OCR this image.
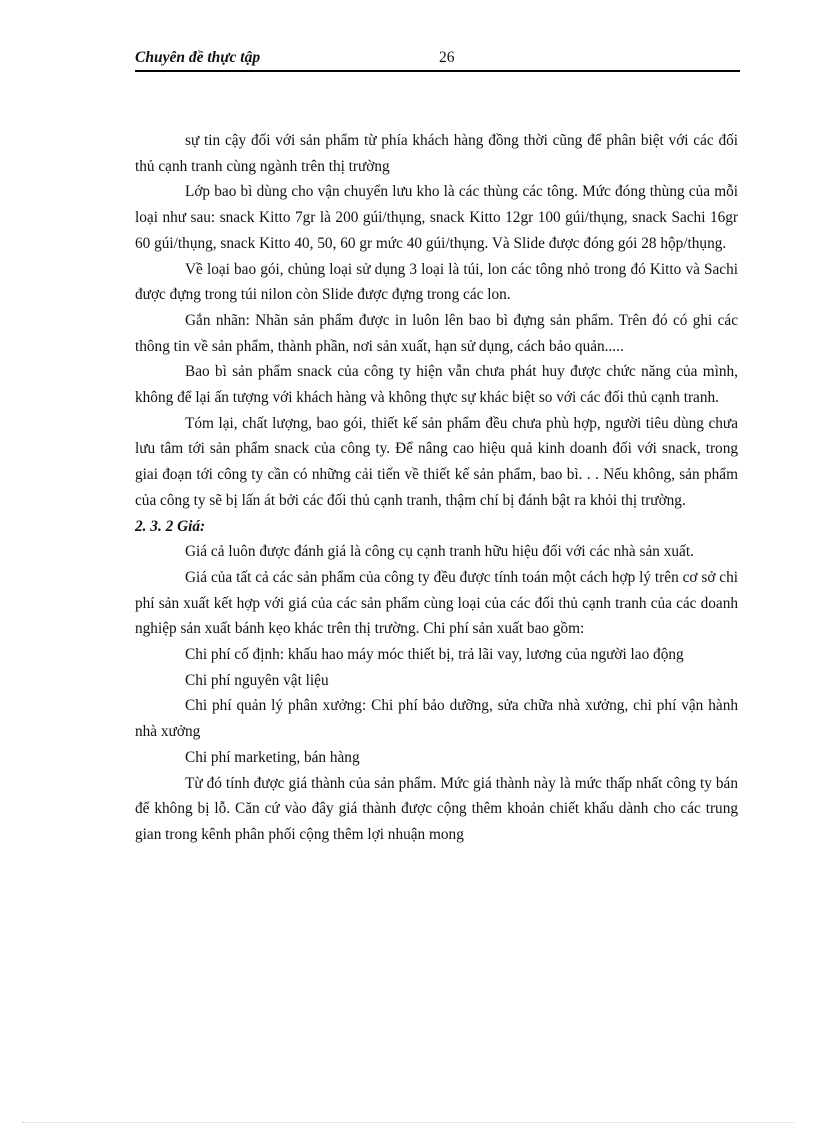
Chuyên đề thực tập	26

sự tin cậy đối với sản phẩm từ phía khách hàng đồng thời cũng để phân biệt với các đối thủ cạnh tranh cùng ngành trên thị trường

Lớp bao bì dùng cho vận chuyển lưu kho là các thùng các tông. Mức đóng thùng của mỗi loại như sau: snack Kitto 7gr là 200 gúi/thụng, snack Kitto 12gr 100 gúi/thụng, snack Sachi 16gr 60 gúi/thụng, snack Kitto 40, 50, 60 gr mức 40 gúi/thụng. Và Slide được đóng gói 28 hộp/thụng.

Về loại bao gói, chủng loại sử dụng 3 loại là túi, lon các tông nhỏ trong đó Kitto và Sachi được đựng trong túi nilon còn Slide được đựng trong các lon.

Gắn nhãn: Nhãn sản phẩm được in luôn lên bao bì đựng sản phẩm. Trên đó có ghi các thông tin về sản phẩm, thành phần, nơi sản xuất, hạn sử dụng, cách bảo quản.....

Bao bì sản phẩm snack của công ty hiện vẫn chưa phát huy được chức năng của mình, không để lại ấn tượng với khách hàng và không thực sự khác biệt so với các đối thủ cạnh tranh.

Tóm lại, chất lượng, bao gói, thiết kế sản phẩm đều chưa phù hợp, người tiêu dùng chưa lưu tâm tới sản phẩm snack của công ty. Để nâng cao hiệu quả kinh doanh đối với snack, trong giai đoạn tới công ty cần có những cải tiến về thiết kế sản phẩm, bao bì. . . Nếu không, sản phẩm của công ty sẽ bị lấn át bởi các đối thủ cạnh tranh, thậm chí bị đánh bật ra khỏi thị trường.

2. 3. 2 Giá:

Giá cả luôn được đánh giá là công cụ cạnh tranh hữu hiệu đối với các nhà sản xuất.

Giá của tất cả các sản phẩm của công ty đều được tính toán một cách hợp lý trên cơ sở chi phí sản xuất kết hợp với giá của các sản phẩm cùng loại của các đối thủ cạnh tranh của các doanh nghiệp sản xuất bánh kẹo khác trên thị trường. Chi phí sản xuất bao gồm:

Chi phí cố định: khấu hao máy móc thiết bị, trả lãi vay, lương của người lao động

Chi phí nguyên vật liệu

Chi phí quản lý phân xưởng: Chi phí bảo dưỡng, sửa chữa nhà xưởng, chi phí vận hành nhà xưởng

Chi phí marketing, bán hàng

Từ đó tính được giá thành của sản phẩm. Mức giá thành này là mức thấp nhất công ty bán để không bị lỗ. Căn cứ vào đây giá thành được cộng thêm khoản chiết khấu dành cho các trung gian trong kênh phân phối cộng thêm lợi nhuận mong
